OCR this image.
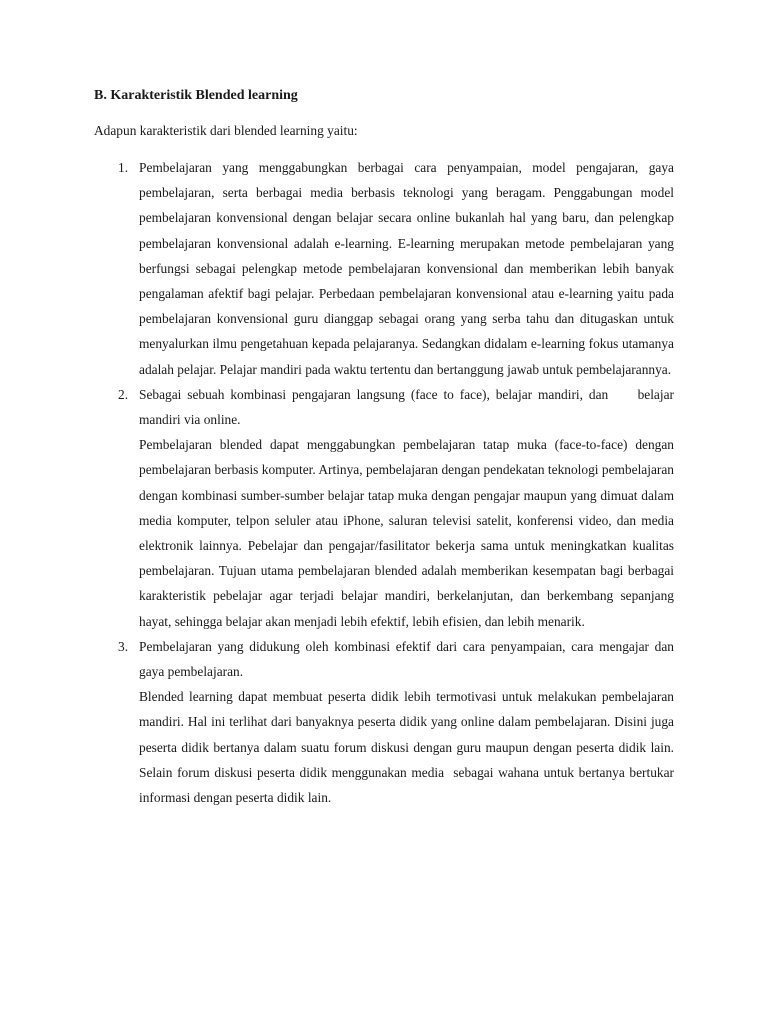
B. Karakteristik Blended learning

Adapun karakteristik dari blended learning yaitu:

1. Pembelajaran yang menggabungkan berbagai cara penyampaian, model pengajaran, gaya pembelajaran, serta berbagai media berbasis teknologi yang beragam. Penggabungan model pembelajaran konvensional dengan belajar secara online bukanlah hal yang baru, dan pelengkap pembelajaran konvensional adalah e-learning. E-learning merupakan metode pembelajaran yang berfungsi sebagai pelengkap metode pembelajaran konvensional dan memberikan lebih banyak pengalaman afektif bagi pelajar. Perbedaan pembelajaran konvensional atau e-learning yaitu pada pembelajaran konvensional guru dianggap sebagai orang yang serba tahu dan ditugaskan untuk menyalurkan ilmu pengetahuan kepada pelajaranya. Sedangkan didalam e-learning fokus utamanya adalah pelajar. Pelajar mandiri pada waktu tertentu dan bertanggung jawab untuk pembelajarannya.

2. Sebagai sebuah kombinasi pengajaran langsung (face to face), belajar mandiri, dan     belajar mandiri via online.

Pembelajaran blended dapat menggabungkan pembelajaran tatap muka (face-to-face) dengan pembelajaran berbasis komputer. Artinya, pembelajaran dengan pendekatan teknologi pembelajaran dengan kombinasi sumber-sumber belajar tatap muka dengan pengajar maupun yang dimuat dalam media komputer, telpon seluler atau iPhone, saluran televisi satelit, konferensi video, dan media elektronik lainnya. Pebelajar dan pengajar/fasilitator bekerja sama untuk meningkatkan kualitas pembelajaran. Tujuan utama pembelajaran blended adalah memberikan kesempatan bagi berbagai karakteristik pebelajar agar terjadi belajar mandiri, berkelanjutan, dan berkembang sepanjang hayat, sehingga belajar akan menjadi lebih efektif, lebih efisien, dan lebih menarik.

3. Pembelajaran yang didukung oleh kombinasi efektif dari cara penyampaian, cara mengajar dan gaya pembelajaran.

Blended learning dapat membuat peserta didik lebih termotivasi untuk melakukan pembelajaran mandiri. Hal ini terlihat dari banyaknya peserta didik yang online dalam pembelajaran. Disini juga peserta didik bertanya dalam suatu forum diskusi dengan guru maupun dengan peserta didik lain. Selain forum diskusi peserta didik menggunakan media  sebagai wahana untuk bertanya bertukar informasi dengan peserta didik lain.
